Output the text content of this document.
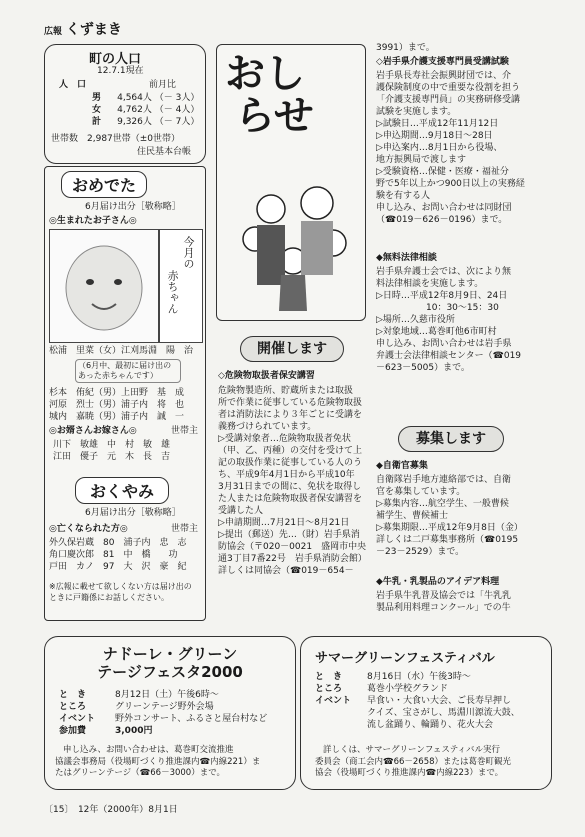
広報 くずまき
町の人口
12.7.1現在
人　口	前月比
男 4,564人 （－ 3人）
女 4,762人 （－ 4人）
計 9,326人 （－ 7人）
世帯数　2,987世帯（±0世帯）
住民基本台帳
おめでた
6月届け出分［敬称略］
◎生まれたお子さん◎
今月の
赤ちゃん
松浦　里菜（女）江刈馬淵　陽　治
（6月中、最初に届け出のあった赤ちゃんです）
杉本　侑紀（男）上田野　基　成
河原　烈士（男）浦子内　将　也
城内　嘉暁（男）浦子内　誠　一
◎お婿さんお嫁さん◎	世帯主
川下　敏雄　中　村　敏　雄
江田　優子　元　木　長　吉
おくやみ
6月届け出分［敬称略］
◎亡くなられた方◎	世帯主
外久保岩蔵　80　浦子内　忠　志
角口慶次郎　81　中　橋　　功
戸田　カノ　97　大　沢　豪　紀
※広報に載せて欲しくない方は届け出の
ときに戸籍係にお話しください。
おし
らせ
開催します
◇危険物取扱者保安講習
危険物製造所、貯蔵所または取扱
所で作業に従事している危険物取扱
者は消防法により３年ごとに受講を
義務づけられています。
▷受講対象者…危険物取扱者免状
（甲、乙、丙種）の交付を受けて上
記の取扱作業に従事している人のう
ち、平成9年4月1日から平成10年
3月31日までの間に、免状を取得し
た人または危険物取扱者保安講習を
受講した人
▷申請期間…7月21日～8月21日
▷提出（郵送）先…（財）岩手県消
防協会（〒020－0021　盛岡市中央
通3丁目7番22号　岩手県消防会館）
詳しくは同協会（☎019－654－
3991）まで。
◇岩手県介護支援専門員受講試験
岩手県長寿社会振興財団では、介
護保険制度の中で重要な役割を担う
「介護支援専門員」の実務研修受講
試験を実施します。
▷試験日…平成12年11月12日
▷申込期間…9月18日～28日
▷申込案内…8月1日から役場、
地方振興局で渡します
▷受験資格…保健・医療・福祉分
野で5年以上かつ900日以上の実務経
験を有する人
申し込み、お問い合わせは同財団
（☎019－626－0196）まで。
◆無料法律相談
岩手県弁護士会では、次により無
料法律相談を実施します。
▷日時…平成12年8月9日、24日
10：30～15：30
▷場所…久慈市役所
▷対象地域…葛巻町他6市町村
申し込み、お問い合わせは岩手県
弁護士会法律相談センター（☎019
－623－5005）まで。
募集します
◆自衛官募集
自衛隊岩手地方連絡部では、自衛
官を募集しています。
▷募集内容…航空学生、一般曹候
補学生、曹候補士
▷募集期限…平成12年9月8日（金）
詳しくは二戸募集事務所（☎0195
－23－2529）まで。
◆牛乳・乳製品のアイデア料理
岩手県牛乳普及協会では「牛乳乳
製品利用料理コンクール」での牛
ナドーレ・グリーン
テージフェスタ2000
と　き	8月12日（土）午後6時～
ところ	グリーンテージ野外会場
イベント 野外コンサート、ふるさと屋台村など
参加費	3,000円
申し込み、お問い合わせは、葛巻町交流推進
協議会事務局（役場町づくり推進課内☎内線221）ま
たはグリーンテージ（☎66－3000）まで。
サマーグリーンフェスティバル
と　き	8月16日（水）午後3時～
ところ	葛巻小学校グランド
イベント 早食い・大食い大会、ご長寿早押し
クイズ、宝さがし、馬淵川源流大鼓、
流し盆踊り、輪踊り、花火大会
詳しくは、サマーグリーンフェスティバル実行
委員会（商工会内☎66－2658）または葛巻町観光
協会（役場町づくり推進課内☎内線223）まで。
〔15〕　12年（2000年）8月1日
